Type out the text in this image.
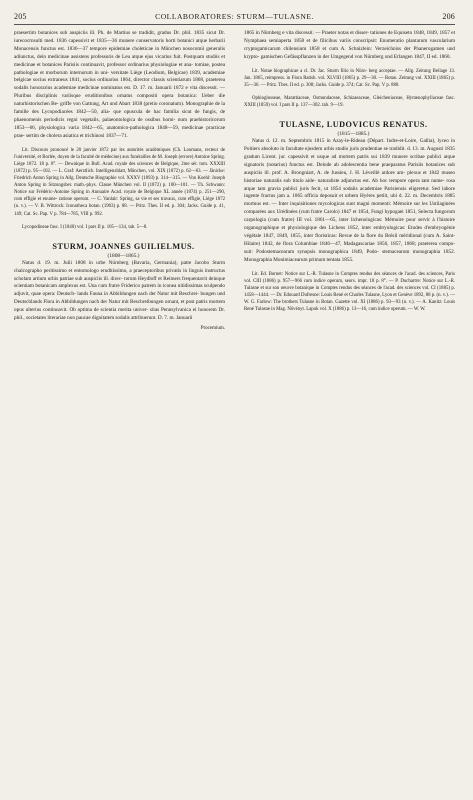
205	COLLABORATORES: STURM—TULASNE.	206

praesertim botanices sub auspiciis ill. Ph. de Martius se tradidit, gradus Dr. phil. 1835 sicut Dr. iurecocrnsulti med. 1836 capessivit et 1835—36 munere conservatoris horti botanici atque herbarii Monacensis functus est. 1836—37 tempore epidemiae choleticae in München nosocomii generalis adiunctus, dein medicinae assistens professoris de Leu atque ejus vicarius fuit. Postquam studiis et medicinae et botanices Parisiis continuavit, professor ordinarius physiologiae et ana- tomiae, postea pathologiae et morborum internorum in uni- versitate Liège (Leodium, Belgicae) 1839, academiae belgicae socius extraneus 1841, socius ordinarius 1864, director classis scientiarum 1868, praeterea sodalis honorarius academiae medicinae nominatus est. D. 17. m. Januarii 1872 e vita discessit. — Pluribus disciplinis variisque eruditionibus ornatus compositi opera botanica: Ueber die naturhistorischen Be- griffe von Gattung, Art und Abart 1838 (pretio coronatum). Monographie de la famille des Lycopodiacées 1842—50, alia- que opuscula de hac familia sicut de fungis, de phaenomenis periodicis regni vegetalis, palaeontologica de ossibus homi- num praehistoricorum 1853—66, physiologica varia 1842—65, anatomico-pathologica 1848—59, medicinae practicae prae- sertim de cholera asiatica et trichinosi 1837—71.

Lit. Discours prononcé le 20 janvier 1872 par les autorités académiques (Ch. Loomans, recteur de l'université, et Borlée, doyen de la faculté de médecine) aux funérailles de M. Joseph (errore) Antoine Spring. Liège 1872. 18 p. 8°. — Dewalque in Bull. Acad. royale des sciences de Belgique, 2me sér. tom. XXXIII (1872) p. 95—102. — L. Graf: Aerztlich. Intelligenzblatt, München, vol. XIX (1872) p. 62—63. — Jänicke: Friedrich Anton Spring in Allg. Deutsche Biographie vol. XXXV (1893) p. 314—315. — Von Koehl: Joseph Anton Spring in Sitzungsber. math.-phys. Classe München vol. II (1872) p. 100—101. — Th. Schwann: Notice sur Frédéric-Antoine Spring in Annuaire Acad. royale de Belgique XL année (1874) p. 251—290, cum effigie et enume- ratione operum. — C. Vanlair: Spring, sa vie et ses travaux, cum effigie, Liège 1872 (n. v.). — V. B. Wittrock: Iconotheca botan. (1903) p. 88. — Pritz. Thes. II ed. p. 304; Jacks. Guide p. 41, 149; Cat. Sc. Pap. V p. 784—785, VIII p. 992.

Lycopodineae fasc. I (1840) vol. I pars II p. 105—134, tab. 5—8.

STURM, JOANNES GUILIELMUS.

(1808—1865.)

Natus d. 19. m. Julii 1808 in urbe Nürnberg (Bavaria, Germania), patre Jacobo Sturm chalcographo peritissimo et entomologo eruditissimo, a praeceptoribus privatis in linguis instructus scholam artium urbis patriae sub auspiciis ill. direc- torum Heydloff et Reimers frequentavit deinque scientiam botanicam amplexus est. Una cum fratre Friderico patrem in iconea nitidissimas sculpendo adjuvit, quae opera: Deutsch- lands Fauna in Abbildungen nach der Natur mit Beschrei- bungen und Deutschlands Flora in Abbildungen nach der Natur mit Beschreibungen ornant, et post patris mortem opus ulterius continuavit. Ob optima de scientia merita univer- sitas Pennsylvanica ei honorem Dr. phil., societates literariae non paucae dignitatem sodalis attribuerunt. D. 7. m. Januarii

Procemium.

1865 in Nürnberg e vita discessit. — Praeter notas et disser- tationes de Equiseto 1848, 1849, 1857 et Nymphaea semiaperta 1858 et de filicibus variis conscripsit: Enumeratio plantarum vascularium cryptogamicarum chilensium 1858 et cum A. Schnizlein: Verzeichniss der Phanerogamen und krypto- gamischen Gefässpflanzen in der Umgegend von Nürnberg und Erlangen 1847, II ed. 1860.

Lit. Notae biographicae a cl. Dr. Jac. Sturm filio in Nürn- berg acceptae. — Allg. Zeitung Beilage 13. Jan. 1865, reimpress. in Flora Ratisb. vol. XLVIII (1865) p. 29—30. — Botan. Zeitung vol. XXIII (1865) p. 35—36. — Pritz. Thes. II ed. p. 308; Jacks. Guide p. 374; Cat. Sc. Pap. V p. 880.

Ophioglosseae, Marattiaceae, Osmundaceae, Schizaeaceae, Gleicheniaceae, Hymenophyllaceae fasc. XXIII (1859) vol. I pars II p. 137—302. tab. 9—19.

TULASNE, LUDOVICUS RENATUS.

(1815—1885.)

Natus d. 12. m. Septembris 1815 in Azay-le-Rideau (Départ. Indre-et-Loire, Gallia), lyceo in Poitiers absoluto in facultate ejusdem urbis studio juris prudentiae se tradidit. d. 13. m. Augusti 1835 gradum Licent. jur. capessivit et usque ad mortem patris sui 1839 munere scribae publici atque signatoris (notarius) functus est. Deinde ab adolescentia bene praeparatus Parisiis botanices sub auspiciis ill. prof. A. Brongniart, A. de Jussieu, J. H. Léveillé ardore am- plexus et 1842 museo historiae naturalis sub titulo aide- naturaliste adjunctus est. Ab hoc tempore opera tam nume- rosa atque tam gravia publici juris fecit, ut 1854 sodalis academiae Parisiensis eligeretur. Sed labore ingente fractus jam a. 1865 officia deposuit et urbem Hyères petiit, ubi d. 22. m. Decembris 1885 mortuus est. — Inter inquisitiones mycologicas sunt magni momenti: Mémoire sur les Ustilaginées comparées aux Urédinées (cum fratre Carolo) 1847 et 1854, Fungi hypogaei 1851, Selecta fungorum carpologia (cum fratre) III vol. 1861—65, inter lichenologicas: Mémoire pour servir à l'histoire organographique et physiologique des Lichens 1852, inter embryologicas: Etudes d'embryogénie végétale 1847, 1849, 1855, inter floristicas: Revue de la flore du Brésil méridional (cum A. Saint-Hilaire) 1842, de flora Columbiae 1846—47, Madagascariae 1856, 1857, 1868; praeterea compo- suit: Podostemacearum synopsis monographica 1849, Podo- stemacearum monographia 1852. Monographia Monimiacearum primum tentata 1855.

Lit. Ed. Bornet: Notice sur L.-R. Tulasne in Comptes rendus des séances de l'acad. des sciences, Paris vol. CIII (1886) p. 957—966 cum indice operum, seors. impr. 18 p. 8°. — P. Duchartre: Notice sur L.-R. Tulasne et sur son oeuvre botanique in Comptes rendus des séances de l'acad. des sciences vol. CI (1885) p. 1458—1444. — Dr. Edouard Dufresne: Louis René et Charles Tulasne, Lyon et Genève 1892, 88 p. (n. v.). — W. G. Farlow: The brothers Tulasne in Botan. Gazette vol. XI (1886) p. 93—93 (n. v.). — A. Kanitz: Louis René Tulasne in Mag. Növényt. Lapok vol. X (1886) p. 13—16, cum indice operum. — W. W.
